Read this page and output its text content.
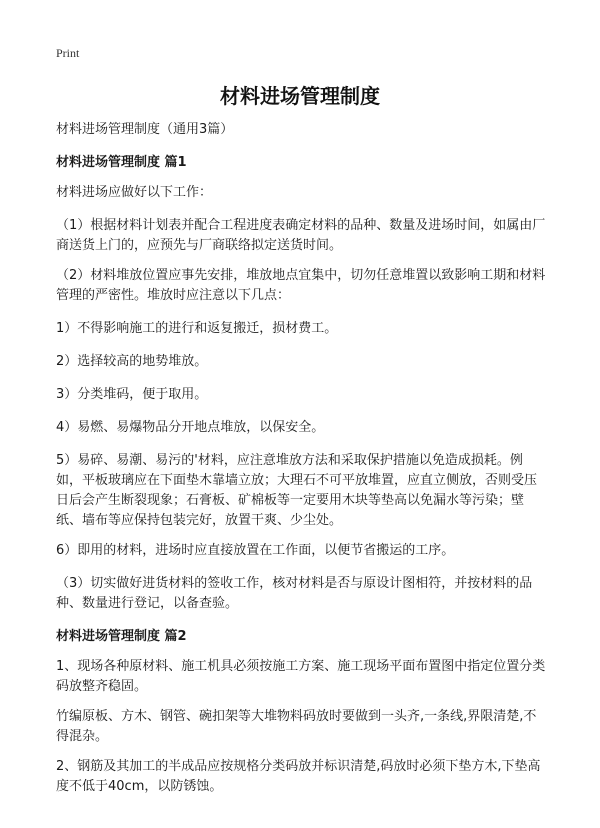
Print
材料进场管理制度

材料进场管理制度（通用3篇）

材料进场管理制度 篇1

材料进场应做好以下工作：

（1）根据材料计划表并配合工程进度表确定材料的品种、数量及进场时间，如属由厂商送货上门的，应预先与厂商联络拟定送货时间。

（2）材料堆放位置应事先安排，堆放地点宜集中，切勿任意堆置以致影响工期和材料管理的严密性。堆放时应注意以下几点：

1）不得影响施工的进行和返复搬迁，损材费工。

2）选择较高的地势堆放。

3）分类堆码，便于取用。

4）易燃、易爆物品分开地点堆放，以保安全。

5）易碎、易潮、易污的'材料，应注意堆放方法和采取保护措施以免造成损耗。例如，平板玻璃应在下面垫木靠墙立放；大理石不可平放堆置，应直立侧放，否则受压日后会产生断裂现象；石膏板、矿棉板等一定要用木块等垫高以免漏水等污染；壁纸、墙布等应保持包装完好，放置干爽、少尘处。

6）即用的材料，进场时应直接放置在工作面，以便节省搬运的工序。

（3）切实做好进货材料的签收工作，核对材料是否与原设计图相符，并按材料的品种、数量进行登记，以备查验。

材料进场管理制度 篇2

1、现场各种原材料、施工机具必须按施工方案、施工现场平面布置图中指定位置分类码放整齐稳固。

竹编原板、方木、钢管、碗扣架等大堆物料码放时要做到一头齐,一条线,界限清楚,不得混杂。

2、钢筋及其加工的半成品应按规格分类码放并标识清楚,码放时必须下垫方木,下垫高度不低于40cm，以防锈蚀。
